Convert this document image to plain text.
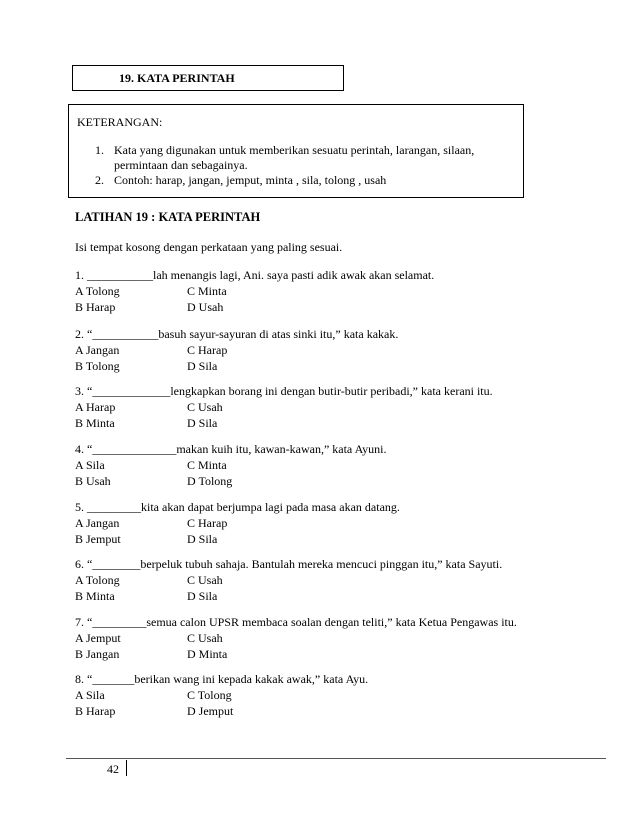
19. KATA PERINTAH
KETERANGAN:
1. Kata yang digunakan untuk memberikan sesuatu perintah, larangan, silaan, permintaan dan sebagainya.
2. Contoh: harap, jangan, jemput, minta , sila, tolong , usah
LATIHAN 19 : KATA PERINTAH
Isi tempat kosong dengan perkataan yang paling sesuai.
1. ___________lah menangis lagi, Ani. saya pasti adik awak akan selamat.
A Tolong	C Minta
B Harap	D Usah
2. “___________basuh sayur-sayuran di atas sinki itu,” kata kakak.
A Jangan	C Harap
B Tolong	D Sila
3. “_____________lengkapkan borang ini dengan butir-butir peribadi,” kata kerani itu.
A Harap	C Usah
B Minta	D Sila
4. “______________makan kuih itu, kawan-kawan,” kata Ayuni.
A Sila	C Minta
B Usah	D Tolong
5. _________kita akan dapat berjumpa lagi pada masa akan datang.
A Jangan	C Harap
B Jemput	D Sila
6. “________berpeluk tubuh sahaja. Bantulah mereka mencuci pinggan itu,” kata Sayuti.
A Tolong	C Usah
B Minta	D Sila
7. “_________semua calon UPSR membaca soalan dengan teliti,” kata Ketua Pengawas itu.
A Jemput	C Usah
B Jangan	D Minta
8. “_______berikan wang ini kepada kakak awak,” kata Ayu.
A Sila	C Tolong
B Harap	D Jemput
42
